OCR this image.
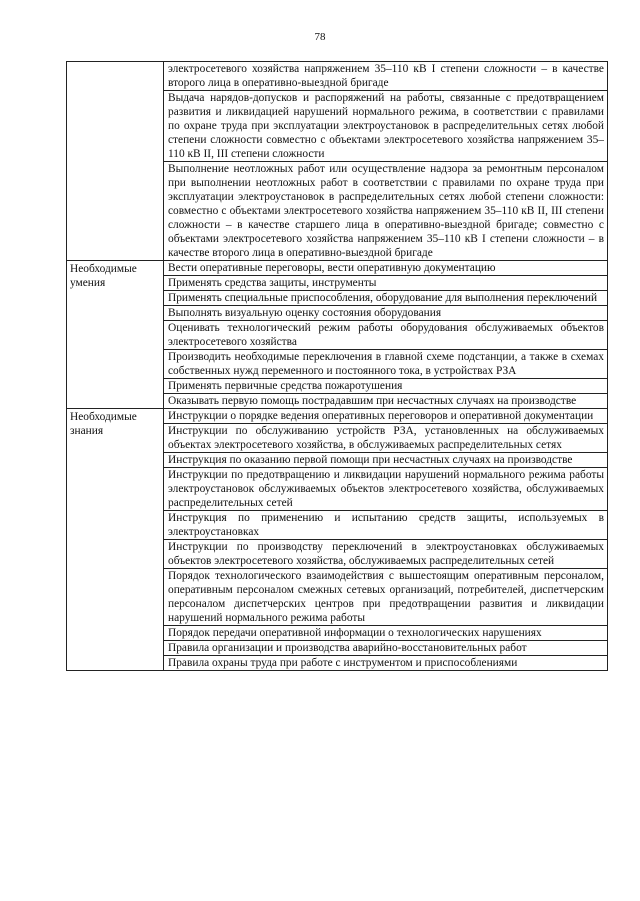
78
	электросетевого хозяйства напряжением 35–110 кВ I степени сложности – в качестве второго лица в оперативно-выездной бригаде
	Выдача нарядов-допусков и распоряжений на работы, связанные с предотвращением развития и ликвидацией нарушений нормального режима, в соответствии с правилами по охране труда при эксплуатации электроустановок в распределительных сетях любой степени сложности совместно с объектами электросетевого хозяйства напряжением 35–110 кВ II, III степени сложности
	Выполнение неотложных работ или осуществление надзора за ремонтным персоналом при выполнении неотложных работ в соответствии с правилами по охране труда при эксплуатации электроустановок в распределительных сетях любой степени сложности: совместно с объектами электросетевого хозяйства напряжением 35–110 кВ II, III степени сложности – в качестве старшего лица в оперативно-выездной бригаде; совместно с объектами электросетевого хозяйства напряжением 35–110 кВ I степени сложности – в качестве второго лица в оперативно-выездной бригаде
Необходимые умения	Вести оперативные переговоры, вести оперативную документацию
	Применять средства защиты, инструменты
	Применять специальные приспособления, оборудование для выполнения переключений
	Выполнять визуальную оценку состояния оборудования
	Оценивать технологический режим работы оборудования обслуживаемых объектов электросетевого хозяйства
	Производить необходимые переключения в главной схеме подстанции, а также в схемах собственных нужд переменного и постоянного тока, в устройствах РЗА
	Применять первичные средства пожаротушения
	Оказывать первую помощь пострадавшим при несчастных случаях на производстве
Необходимые знания	Инструкции о порядке ведения оперативных переговоров и оперативной документации
	Инструкции по обслуживанию устройств РЗА, установленных на обслуживаемых объектах электросетевого хозяйства, в обслуживаемых распределительных сетях
	Инструкция по оказанию первой помощи при несчастных случаях на производстве
	Инструкции по предотвращению и ликвидации нарушений нормального режима работы электроустановок обслуживаемых объектов электросетевого хозяйства, обслуживаемых распределительных сетей
	Инструкция по применению и испытанию средств защиты, используемых в электроустановках
	Инструкции по производству переключений в электроустановках обслуживаемых объектов электросетевого хозяйства, обслуживаемых распределительных сетей
	Порядок технологического взаимодействия с вышестоящим оперативным персоналом, оперативным персоналом смежных сетевых организаций, потребителей, диспетчерским персоналом диспетчерских центров при предотвращении развития и ликвидации нарушений нормального режима работы
	Порядок передачи оперативной информации о технологических нарушениях
	Правила организации и производства аварийно-восстановительных работ
	Правила охраны труда при работе с инструментом и приспособлениями
